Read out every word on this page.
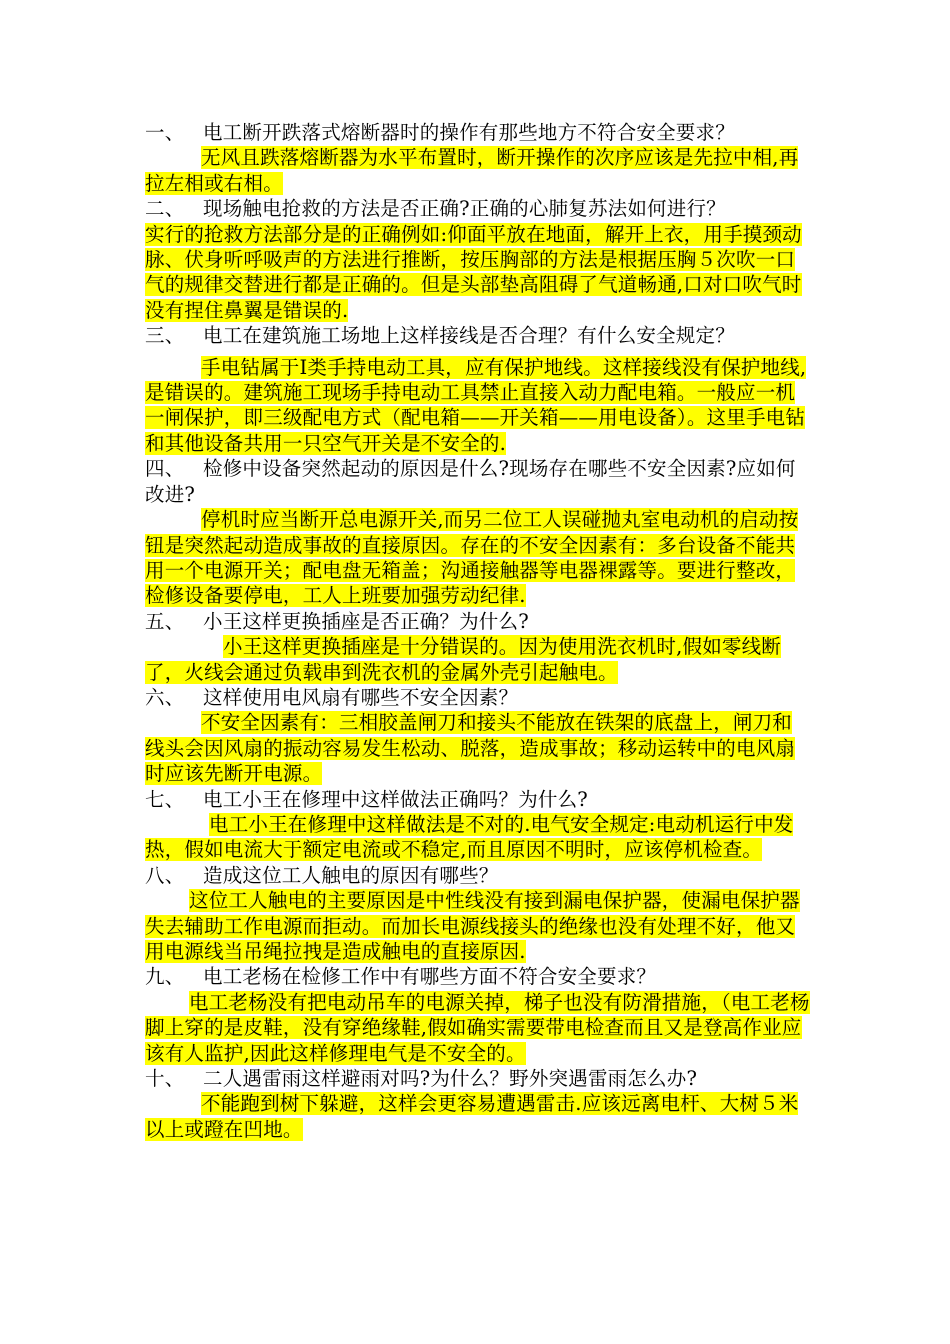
一、 电工断开跌落式熔断器时的操作有那些地方不符合安全要求？

无风且跌落熔断器为水平布置时，断开操作的次序应该是先拉中相,再拉左相或右相。

二、 现场触电抢救的方法是否正确?正确的心肺复苏法如何进行？

实行的抢救方法部分是的正确例如:仰面平放在地面，解开上衣，用手摸颈动脉、伏身听呼吸声的方法进行推断，按压胸部的方法是根据压胸５次吹一口气的规律交替进行都是正确的。但是头部垫高阻碍了气道畅通,口对口吹气时没有捏住鼻翼是错误的.

三、 电工在建筑施工场地上这样接线是否合理？有什么安全规定？

手电钻属于Ⅰ类手持电动工具，应有保护地线。这样接线没有保护地线,是错误的。建筑施工现场手持电动工具禁止直接入动力配电箱。一般应一机一闸保护，即三级配电方式（配电箱——开关箱——用电设备）。这里手电钻和其他设备共用一只空气开关是不安全的.

四、 检修中设备突然起动的原因是什么?现场存在哪些不安全因素?应如何改进?

停机时应当断开总电源开关,而另二位工人误碰抛丸室电动机的启动按钮是突然起动造成事故的直接原因。存在的不安全因素有：多台设备不能共用一个电源开关；配电盘无箱盖；沟通接触器等电器裸露等。要进行整改，检修设备要停电，工人上班要加强劳动纪律.

五、 小王这样更换插座是否正确？为什么?

小王这样更换插座是十分错误的。因为使用洗衣机时,假如零线断了，火线会通过负载串到洗衣机的金属外壳引起触电。

六、 这样使用电风扇有哪些不安全因素？

不安全因素有：三相胶盖闸刀和接头不能放在铁架的底盘上，闸刀和线头会因风扇的振动容易发生松动、脱落，造成事故；移动运转中的电风扇时应该先断开电源。

七、 电工小王在修理中这样做法正确吗？为什么?

电工小王在修理中这样做法是不对的.电气安全规定:电动机运行中发热，假如电流大于额定电流或不稳定,而且原因不明时，应该停机检查。

八、 造成这位工人触电的原因有哪些？

这位工人触电的主要原因是中性线没有接到漏电保护器，使漏电保护器失去辅助工作电源而拒动。而加长电源线接头的绝缘也没有处理不好，他又用电源线当吊绳拉拽是造成触电的直接原因.

九、 电工老杨在检修工作中有哪些方面不符合安全要求？

电工老杨没有把电动吊车的电源关掉，梯子也没有防滑措施，（电工老杨脚上穿的是皮鞋，没有穿绝缘鞋,假如确实需要带电检查而且又是登高作业应该有人监护,因此这样修理电气是不安全的。

十、 二人遇雷雨这样避雨对吗?为什么？野外突遇雷雨怎么办?

不能跑到树下躲避，这样会更容易遭遇雷击.应该远离电杆、大树５米以上或蹬在凹地。
